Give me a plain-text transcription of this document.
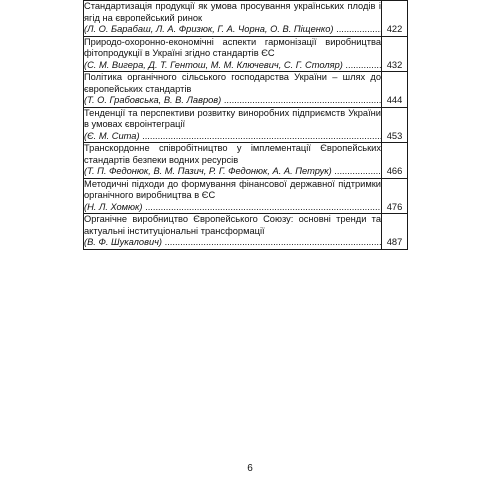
Стандартизація продукції як умова просування українських плодів і ягід на європейський ринок
(Л. О. Барабаш, Л. А. Фризюк, Г. А. Чорна, О. В. Піщенко) .....	422

Природо-охоронно-економічні аспекти гармонізації виробництва фітопродукції в Україні згідно стандартів ЄС
(С. М. Вигера, Д. Т. Гентош, М. М. Ключевич, С. Г. Столяр) .....	432

Політика органічного сільського господарства України – шлях до європейських стандартів
(Т. О. Грабовська, В. В. Лавров) .....	444

Тенденції та перспективи розвитку виноробних підприємств України в умовах євроінтеграції
(Є. М. Сита) .....	453

Транскордонне співробітництво у імплементації Європейських стандартів безпеки водних ресурсів
(Т. П. Федонюк, В. М. Пазич, Р. Г. Федонюк, А. А. Петрук) .....	466

Методичні підходи до формування фінансової державної підтримки органічного виробництва в ЄС
(Н. Л. Хомюк) .....	476

Органічне виробництво Європейського Союзу: основні тренди та актуальні інституціональні трансформації
(В. Ф. Шукалович) .....	487
6
